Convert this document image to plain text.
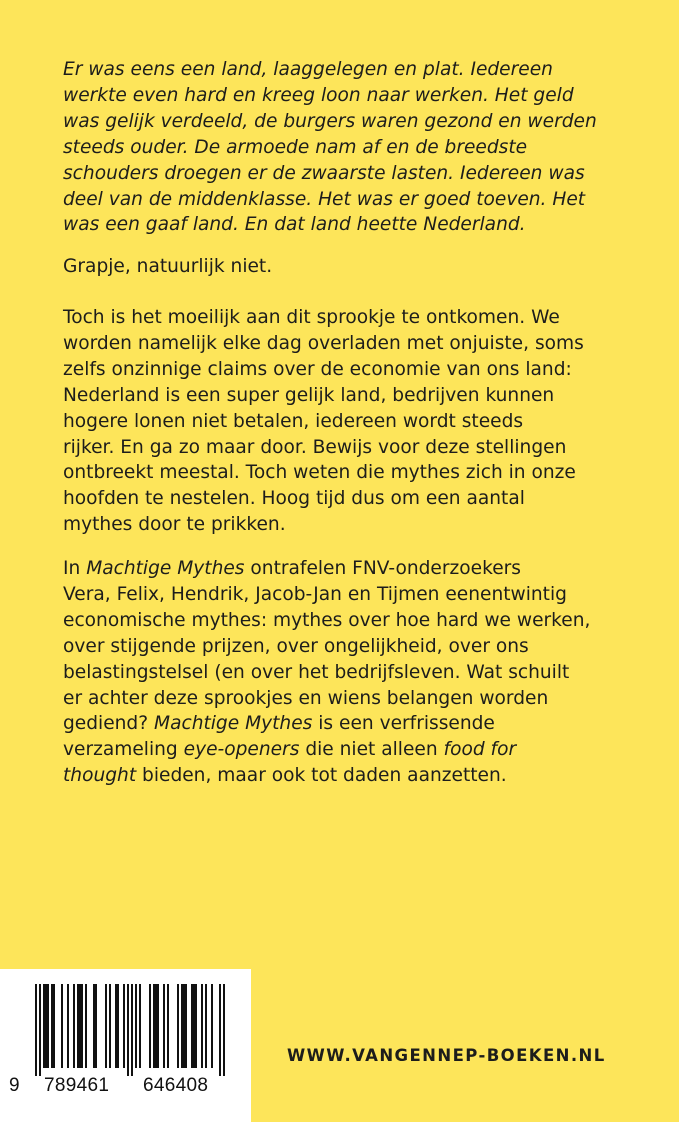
Er was eens een land, laaggelegen en plat. Iedereen
werkte even hard en kreeg loon naar werken. Het geld
was gelijk verdeeld, de burgers waren gezond en werden
steeds ouder. De armoede nam af en de breedste
schouders droegen er de zwaarste lasten. Iedereen was
deel van de middenklasse. Het was er goed toeven. Het
was een gaaf land. En dat land heette Nederland.
Grapje, natuurlijk niet.
Toch is het moeilijk aan dit sprookje te ontkomen. We
worden namelijk elke dag overladen met onjuiste, soms
zelfs onzinnige claims over de economie van ons land:
Nederland is een super gelijk land, bedrijven kunnen
hogere lonen niet betalen, iedereen wordt steeds
rijker. En ga zo maar door. Bewijs voor deze stellingen
ontbreekt meestal. Toch weten die mythes zich in onze
hoofden te nestelen. Hoog tijd dus om een aantal
mythes door te prikken.
In Machtige Mythes ontrafelen FNV-onderzoekers
Vera, Felix, Hendrik, Jacob-Jan en Tijmen eenentwintig
economische mythes: mythes over hoe hard we werken,
over stijgende prijzen, over ongelijkheid, over ons
belastingstelsel (en over het bedrijfsleven. Wat schuilt
er achter deze sprookjes en wiens belangen worden
gediend? Machtige Mythes is een verfrissende
verzameling eye-openers die niet alleen food for
thought bieden, maar ook tot daden aanzetten.
9 789461 646408
WWW.VANGENNEP-BOEKEN.NL
